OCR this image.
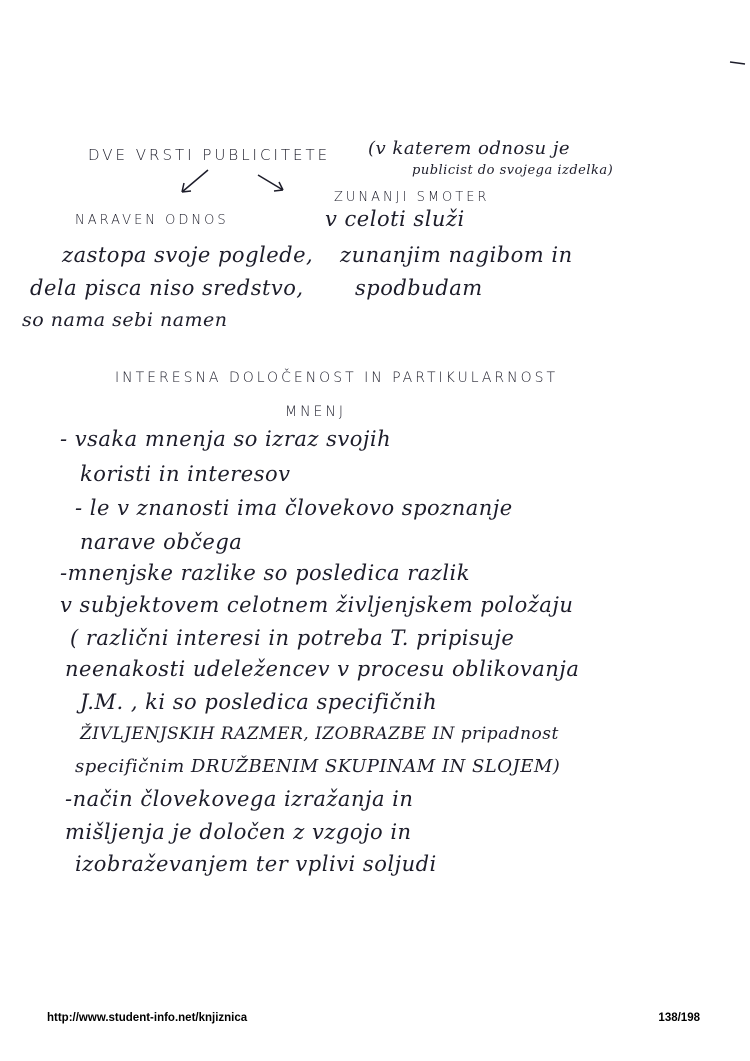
DVE VRSTI PUBLICITETE (v katerem odnosu je
publicist do svojega izdelka)
ZUNANJI SMOTER
NARAVEN ODNOS	v celoti služi
zunanjim nagibom in
spodbudam
zastopa svoje poglede,
dela pisca niso sredstvo,
so nama sebi namen
INTERESNA DOLOČENOST IN PARTIKULARNOST
MNENJ
- vsaka mnenja so izraz svojih
koristi in interesov
- le v znanosti ima človekovo spoznanje
narave občega
-mnenjske razlike so posledica razlik
v subjektovem celotnem življenjskem položaju
( različni interesi in potreba T. pripisuje
neenakosti udeležencev v procesu oblikovanja
J.M. , ki so posledica specifičnih
ŽIVLJENJSKIH RAZMER, IZOBRAZBE IN pripadnost
specifičnim DRUŽBENIM SKUPINAM IN SLOJEM)
-način človekovega izražanja in
mišljenja je določen z vzgojo in
izobraževanjem ter vplivi soljudi
http://www.student-info.net/knjiznica	138/198
